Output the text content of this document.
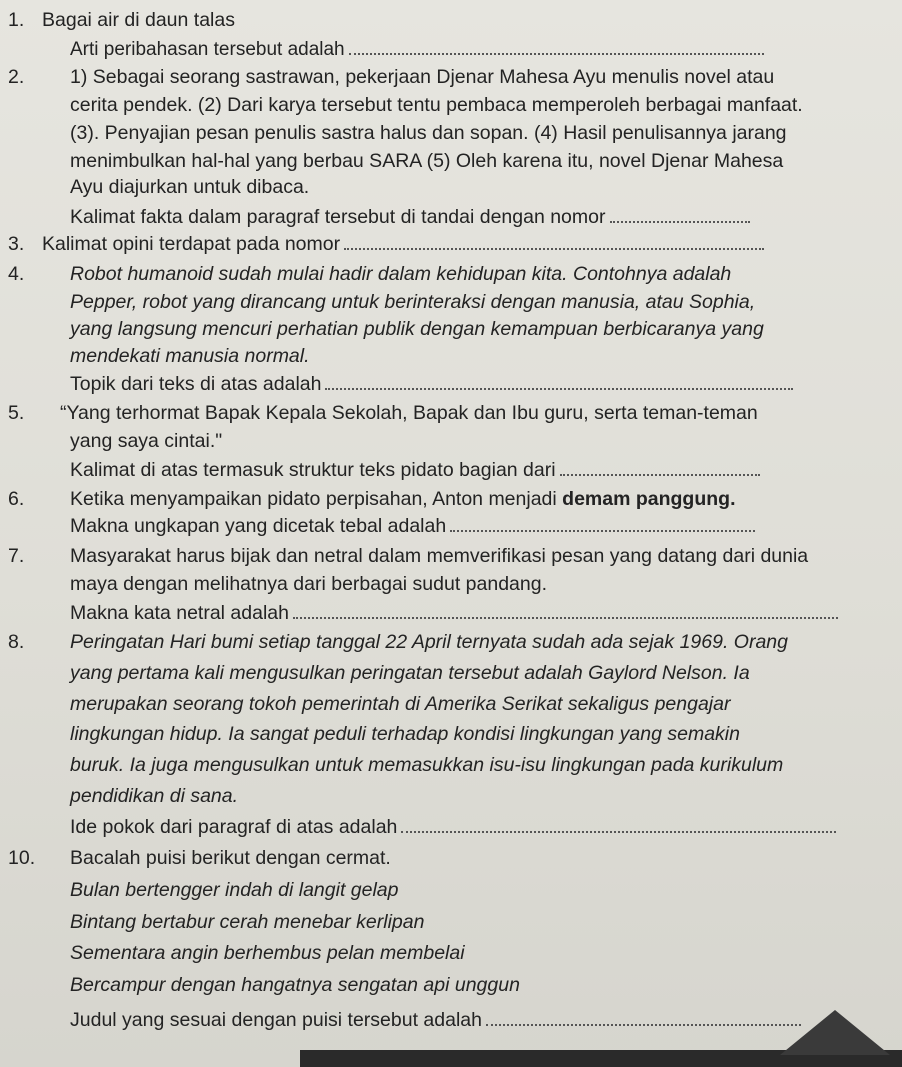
1. Bagai air di daun talas
Arti peribahasan tersebut adalah
2. 1) Sebagai seorang sastrawan, pekerjaan Djenar Mahesa Ayu menulis novel atau
cerita pendek. (2) Dari karya tersebut tentu pembaca memperoleh berbagai manfaat.
(3). Penyajian pesan penulis sastra halus dan sopan. (4) Hasil penulisannya jarang
menimbulkan hal-hal yang berbau SARA (5) Oleh karena itu, novel Djenar Mahesa
Ayu diajurkan untuk dibaca.
Kalimat fakta dalam paragraf tersebut di tandai dengan nomor
3. Kalimat opini terdapat pada nomor
4. Robot humanoid sudah mulai hadir dalam kehidupan kita. Contohnya adalah
Pepper, robot yang dirancang untuk berinteraksi dengan manusia, atau Sophia,
yang langsung mencuri perhatian publik dengan kemampuan berbicaranya yang
mendekati manusia normal.
Topik dari teks di atas adalah
5. “Yang terhormat Bapak Kepala Sekolah, Bapak dan Ibu guru, serta teman-teman
yang saya cintai."
Kalimat di atas termasuk struktur teks pidato bagian dari
6. Ketika menyampaikan pidato perpisahan, Anton menjadi demam panggung.
Makna ungkapan yang dicetak tebal adalah
7. Masyarakat harus bijak dan netral dalam memverifikasi pesan yang datang dari dunia
maya dengan melihatnya dari berbagai sudut pandang.
Makna kata netral adalah
8. Peringatan Hari bumi setiap tanggal 22 April ternyata sudah ada sejak 1969. Orang
yang pertama kali mengusulkan peringatan tersebut adalah Gaylord Nelson. Ia
merupakan seorang tokoh pemerintah di Amerika Serikat sekaligus pengajar
lingkungan hidup. Ia sangat peduli terhadap kondisi lingkungan yang semakin
buruk. Ia juga mengusulkan untuk memasukkan isu-isu lingkungan pada kurikulum
pendidikan di sana.
Ide pokok dari paragraf di atas adalah
10. Bacalah puisi berikut dengan cermat.
Bulan bertengger indah di langit gelap
Bintang bertabur cerah menebar kerlipan
Sementara angin berhembus pelan membelai
Bercampur dengan hangatnya sengatan api unggun
Judul yang sesuai dengan puisi tersebut adalah
